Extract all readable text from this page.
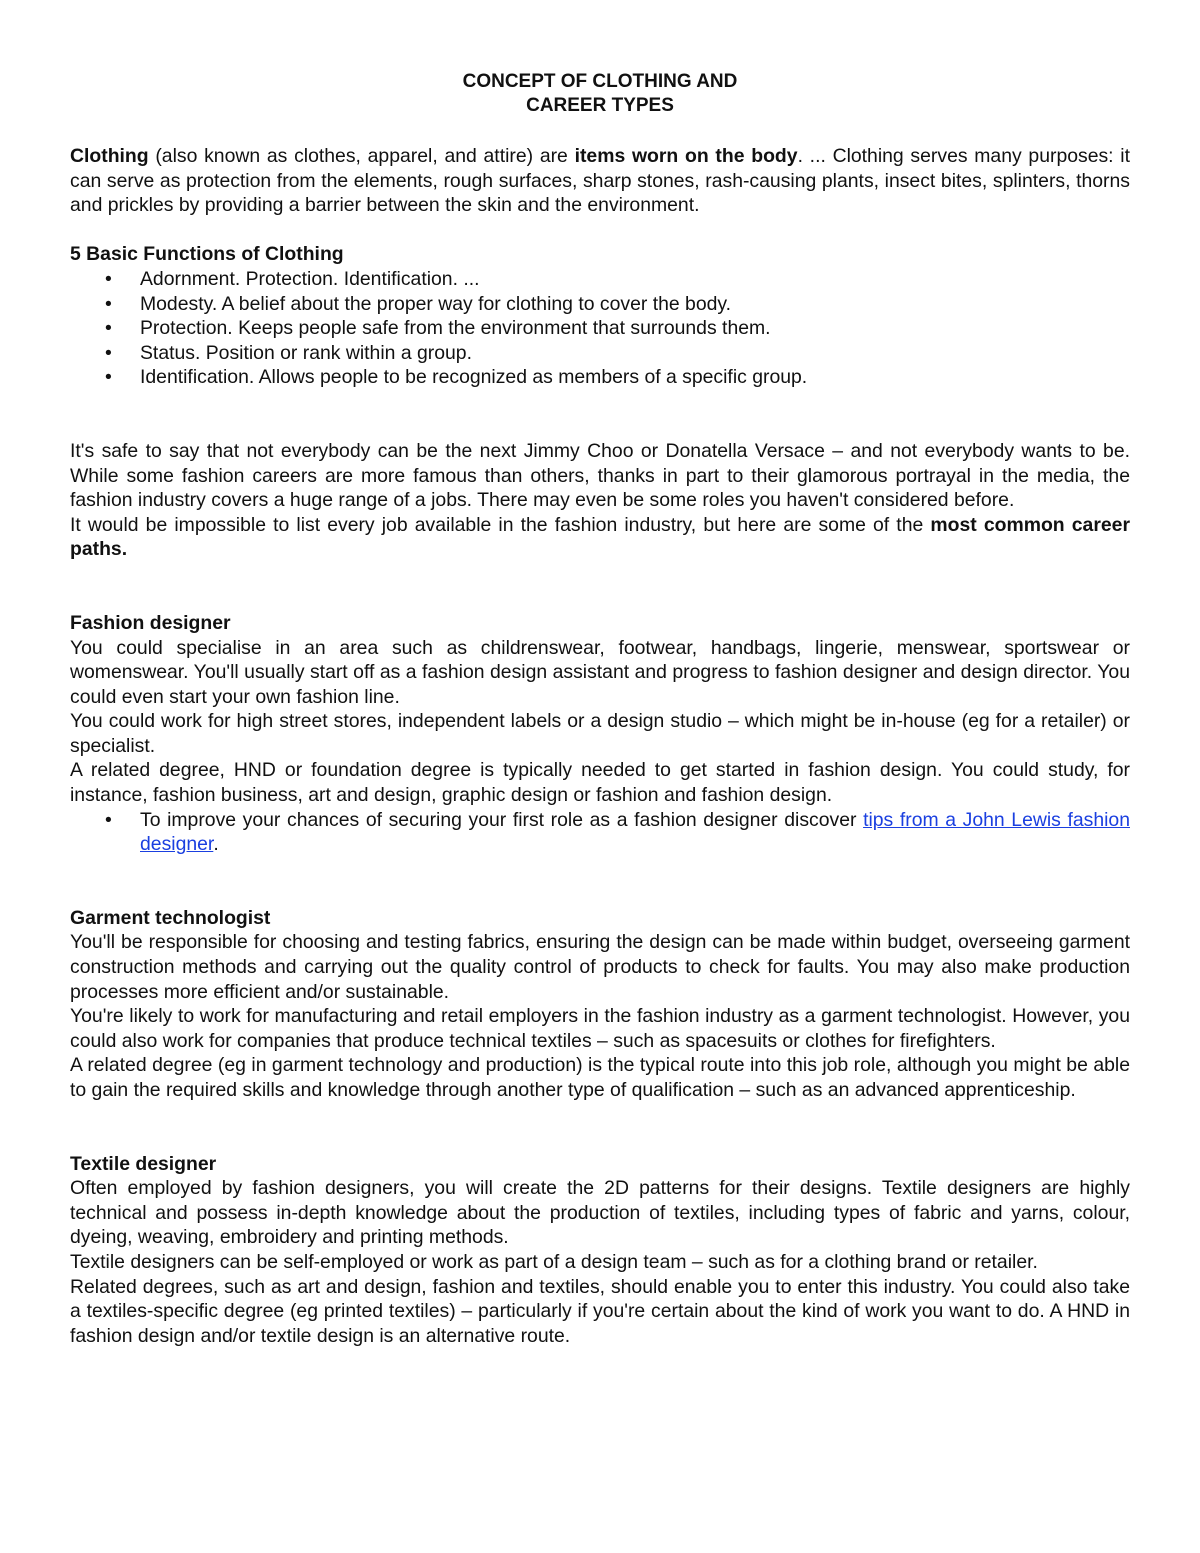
CONCEPT OF CLOTHING AND
CAREER TYPES

Clothing (also known as clothes, apparel, and attire) are items worn on the body. ... Clothing serves many purposes: it can serve as protection from the elements, rough surfaces, sharp stones, rash-causing plants, insect bites, splinters, thorns and prickles by providing a barrier between the skin and the environment.

5 Basic Functions of Clothing
• Adornment. Protection. Identification. ...
• Modesty. A belief about the proper way for clothing to cover the body.
• Protection. Keeps people safe from the environment that surrounds them.
• Status. Position or rank within a group.
• Identification. Allows people to be recognized as members of a specific group.

It's safe to say that not everybody can be the next Jimmy Choo or Donatella Versace – and not everybody wants to be. While some fashion careers are more famous than others, thanks in part to their glamorous portrayal in the media, the fashion industry covers a huge range of a jobs. There may even be some roles you haven't considered before.

It would be impossible to list every job available in the fashion industry, but here are some of the most common career paths.

Fashion designer

You could specialise in an area such as childrenswear, footwear, handbags, lingerie, menswear, sportswear or womenswear. You'll usually start off as a fashion design assistant and progress to fashion designer and design director. You could even start your own fashion line.

You could work for high street stores, independent labels or a design studio – which might be in-house (eg for a retailer) or specialist.

A related degree, HND or foundation degree is typically needed to get started in fashion design. You could study, for instance, fashion business, art and design, graphic design or fashion and fashion design.

• To improve your chances of securing your first role as a fashion designer discover tips from a John Lewis fashion designer.
Garment technologist

You'll be responsible for choosing and testing fabrics, ensuring the design can be made within budget, overseeing garment construction methods and carrying out the quality control of products to check for faults. You may also make production processes more efficient and/or sustainable.

You're likely to work for manufacturing and retail employers in the fashion industry as a garment technologist. However, you could also work for companies that produce technical textiles – such as spacesuits or clothes for firefighters.

A related degree (eg in garment technology and production) is the typical route into this job role, although you might be able to gain the required skills and knowledge through another type of qualification – such as an advanced apprenticeship.

Textile designer

Often employed by fashion designers, you will create the 2D patterns for their designs. Textile designers are highly technical and possess in-depth knowledge about the production of textiles, including types of fabric and yarns, colour, dyeing, weaving, embroidery and printing methods.

Textile designers can be self-employed or work as part of a design team – such as for a clothing brand or retailer.

Related degrees, such as art and design, fashion and textiles, should enable you to enter this industry. You could also take a textiles-specific degree (eg printed textiles) – particularly if you're certain about the kind of work you want to do. A HND in fashion design and/or textile design is an alternative route.
